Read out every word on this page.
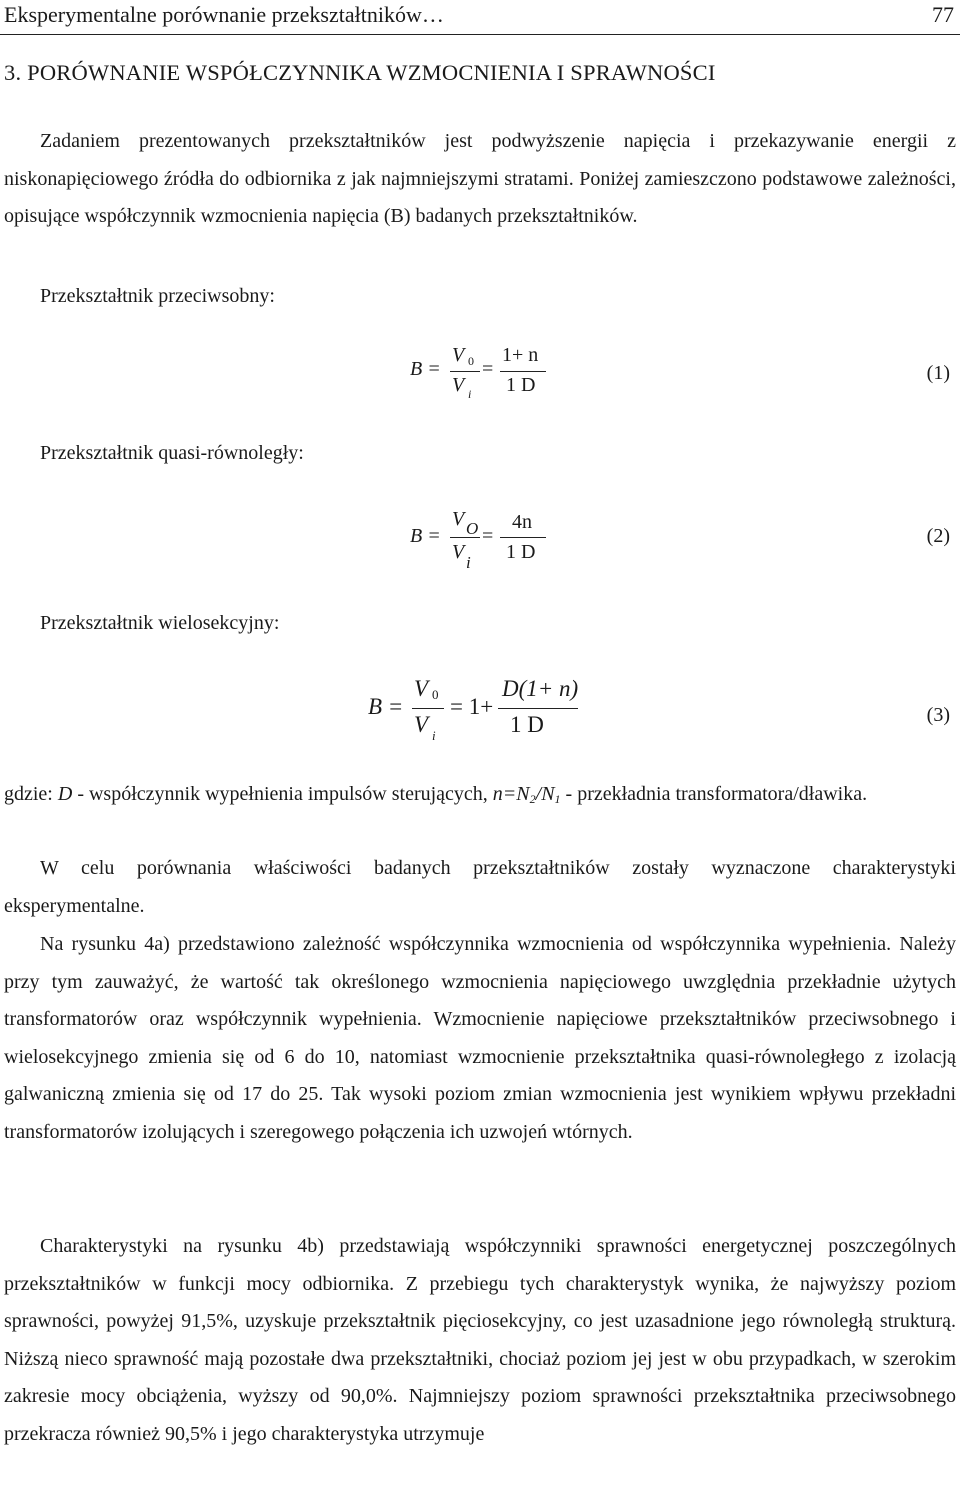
Eksperymentalne porównanie przekształtników…	77
3. PORÓWNANIE WSPÓŁCZYNNIKA WZMOCNIENIA I SPRAWNOŚCI
Zadaniem prezentowanych przekształtników jest podwyższenie napięcia i przekazywanie energii z niskonapięciowego źródła do odbiornika z jak najmniejszymi stratami. Poniżej zamieszczono podstawowe zależności, opisujące współczynnik wzmocnienia napięcia (B) badanych przekształtników.
Przekształtnik przeciwsobny:
B =
V 0
V i
=
1+ n
1 D
(1)
Przekształtnik quasi-równoległy:
B =
V O
V i
=
4n
1 D
(2)
Przekształtnik wielosekcyjny:
B =
V 0
V i
= 1+
D(1+ n)
1 D	(3)
gdzie: D - współczynnik wypełnienia impulsów sterujących, $n=N_2/N_1$ - przekładnia transformatora/dławika.
W celu porównania właściwości badanych przekształtników zostały wyznaczone charakterystyki eksperymentalne.
Na rysunku 4a) przedstawiono zależność współczynnika wzmocnienia od współczynnika wypełnienia. Należy przy tym zauważyć, że wartość tak określonego wzmocnienia napięciowego uwzględnia przekładnie użytych transformatorów oraz współczynnik wypełnienia. Wzmocnienie napięciowe przekształtników przeciwsobnego i wielosekcyjnego zmienia się od 6 do 10, natomiast wzmocnienie przekształtnika quasi-równoległego z izolacją galwaniczną zmienia się od 17 do 25. Tak wysoki poziom zmian wzmocnienia jest wynikiem wpływu przekładni transformatorów izolujących i szeregowego połączenia ich uzwojeń wtórnych.
Charakterystyki na rysunku 4b) przedstawiają współczynniki sprawności energetycznej poszczególnych przekształtników w funkcji mocy odbiornika. Z przebiegu tych charakterystyk wynika, że najwyższy poziom sprawności, powyżej 91,5%, uzyskuje przekształtnik pięciosekcyjny, co jest uzasadnione jego równoległą strukturą. Niższą nieco sprawność mają pozostałe dwa przekształtniki, chociaż poziom jej jest w obu przypadkach, w szerokim zakresie mocy obciążenia, wyższy od 90,0%. Najmniejszy poziom sprawności przekształtnika przeciwsobnego przekracza również 90,5% i jego charakterystyka utrzymuje
